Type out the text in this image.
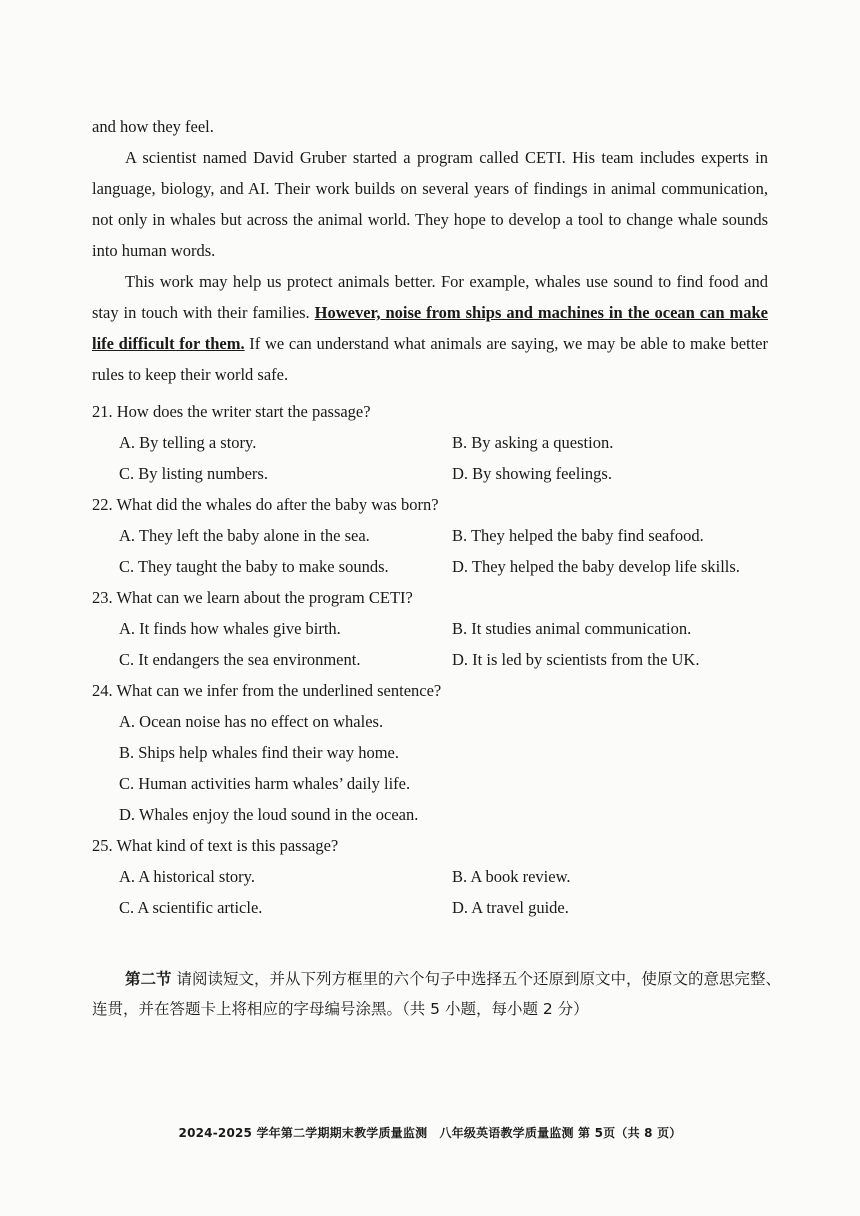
and how they feel.

A scientist named David Gruber started a program called CETI. His team includes experts in language, biology, and AI. Their work builds on several years of findings in animal communication, not only in whales but across the animal world. They hope to develop a tool to change whale sounds into human words.

This work may help us protect animals better. For example, whales use sound to find food and stay in touch with their families. However, noise from ships and machines in the ocean can make life difficult for them. If we can understand what animals are saying, we may be able to make better rules to keep their world safe.

21. How does the writer start the passage?

A. By telling a story.	B. By asking a question.
C. By listing numbers.	D. By showing feelings.

22. What did the whales do after the baby was born?

A. They left the baby alone in the sea.	B. They helped the baby find seafood.
C. They taught the baby to make sounds.	D. They helped the baby develop life skills.

23. What can we learn about the program CETI?

A. It finds how whales give birth.	B. It studies animal communication.
C. It endangers the sea environment.	D. It is led by scientists from the UK.

24. What can we infer from the underlined sentence?

A. Ocean noise has no effect on whales.
B. Ships help whales find their way home.
C. Human activities harm whales’ daily life.
D. Whales enjoy the loud sound in the ocean.

25. What kind of text is this passage?

A. A historical story.	B. A book review.
C. A scientific article.	D. A travel guide.
第二节 请阅读短文，并从下列方框里的六个句子中选择五个还原到原文中，使原文的意思完整、连贯，并在答题卡上将相应的字母编号涂黑。（共 5 小题，每小题 2 分）
2024-2025 学年第二学期期末教学质量监测　八年级英语教学质量监测 第 5页（共 8 页）
